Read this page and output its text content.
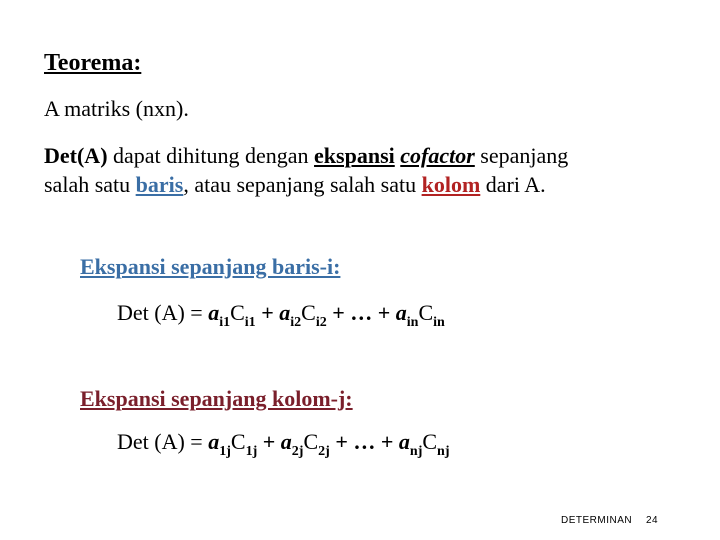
Teorema:
A matriks (nxn).
Det(A) dapat dihitung dengan ekspansi cofactor sepanjang
salah satu baris, atau sepanjang salah satu kolom dari A.
Ekspansi sepanjang baris-i:
Det $(A) = a_{i1}C_{i1} + a_{i2}C_{i2}$ + … + $a_{in}C_{in}$
Ekspansi sepanjang kolom-j:
Det $(A) = a_{1j}C_{1j} + a_{2j}C_{2j}$ + … + $a_{nj}C_{nj}$
DETERMINAN 24
